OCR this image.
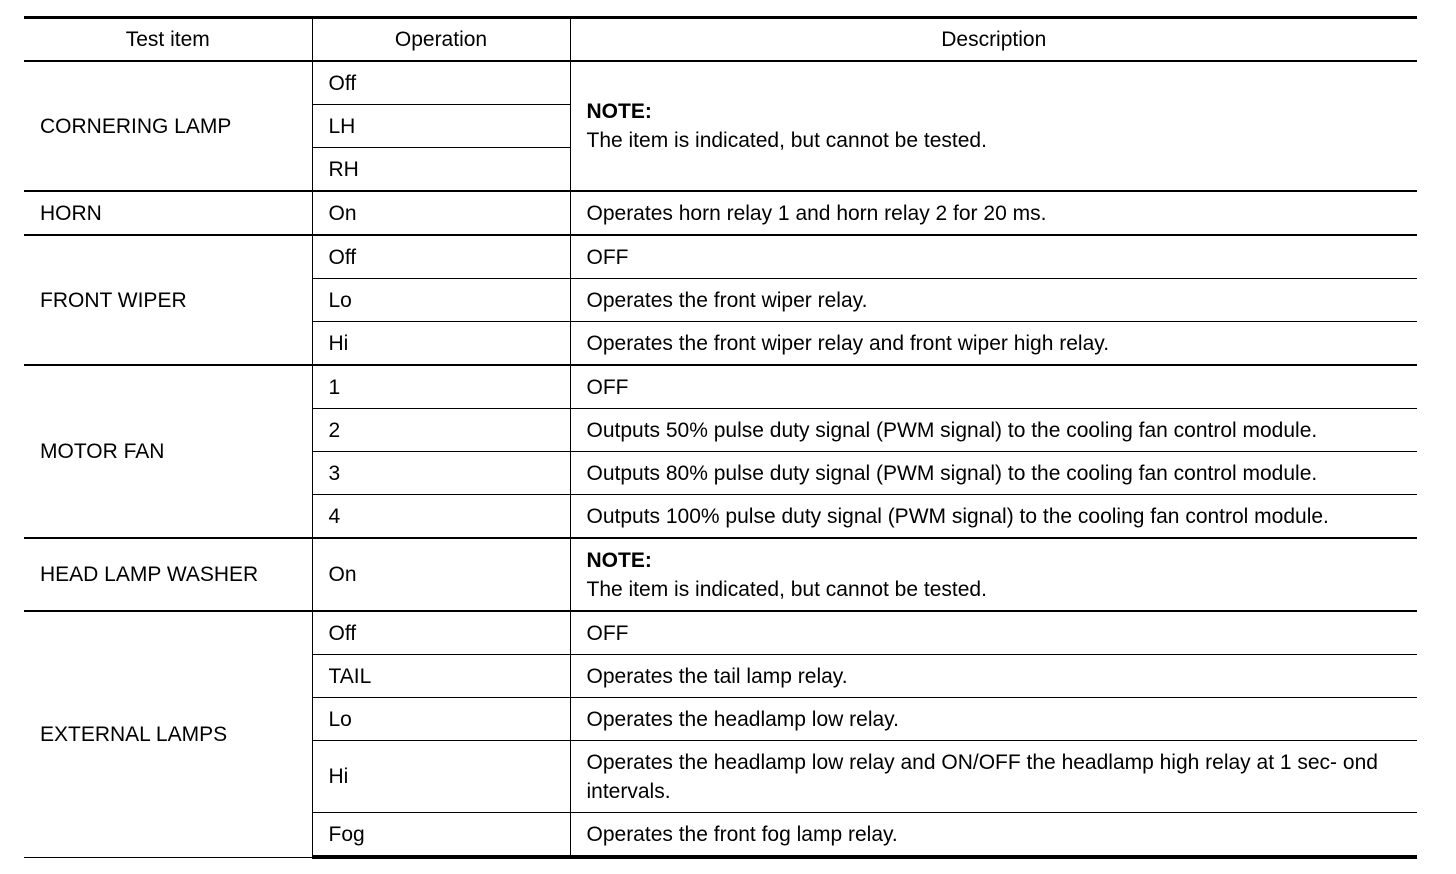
Test item	Operation	Description
CORNERING LAMP	Off	NOTE:
The item is indicated, but cannot be tested.

	LH	
	RH	
HORN	On	Operates horn relay 1 and horn relay 2 for 20 ms.
FRONT WIPER	Off	OFF
	Lo	Operates the front wiper relay.
	Hi	Operates the front wiper relay and front wiper high relay.
MOTOR FAN	1	OFF
	2	Outputs 50% pulse duty signal (PWM signal) to the cooling fan control module.
	3	Outputs 80% pulse duty signal (PWM signal) to the cooling fan control module.
	4	Outputs 100% pulse duty signal (PWM signal) to the cooling fan control module.
HEAD LAMP WASHER	On	NOTE:
The item is indicated, but cannot be tested.

EXTERNAL LAMPS	Off	OFF
	TAIL	Operates the tail lamp relay.
	Lo	Operates the headlamp low relay.
	Hi	Operates the headlamp low relay and ON/OFF the headlamp high relay at 1 sec- ond intervals.
	Fog	Operates the front fog lamp relay.
